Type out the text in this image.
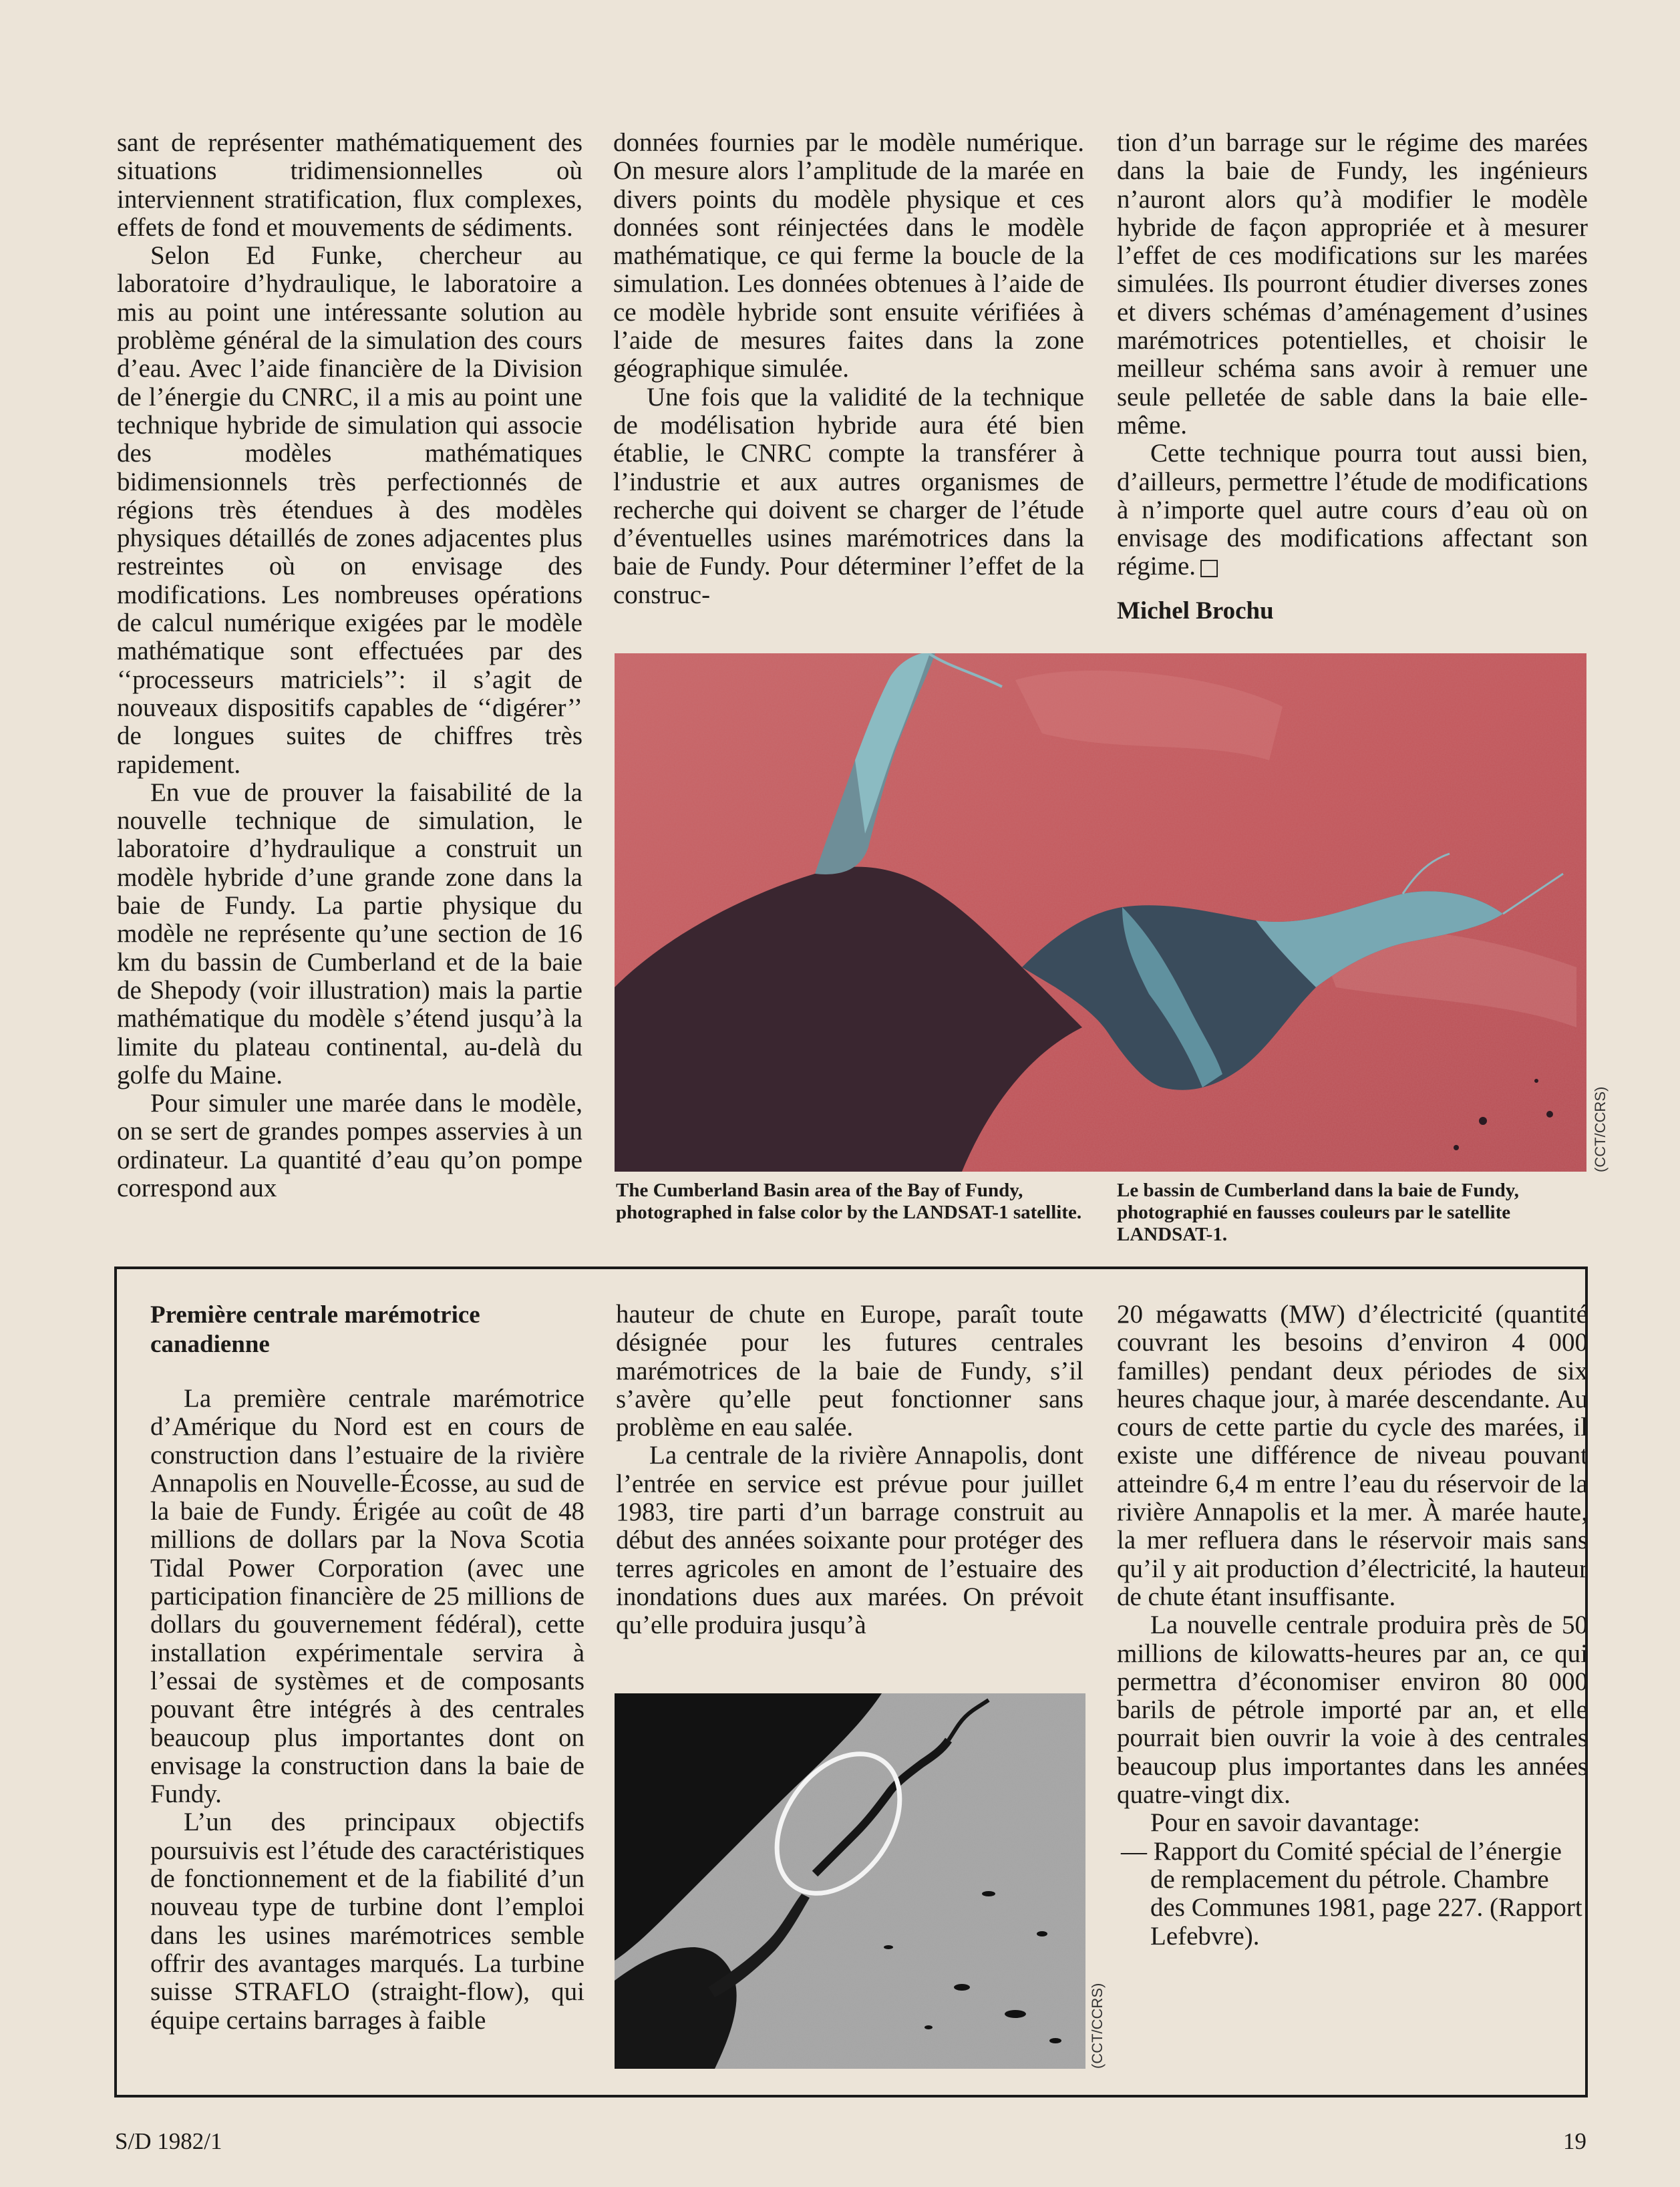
sant de représenter mathématiquement des situations tridimensionnelles où interviennent stratification, flux complexes, effets de fond et mouvements de sédiments.

Selon Ed Funke, chercheur au laboratoire d’hydraulique, le laboratoire a mis au point une intéressante solution au problème général de la simulation des cours d’eau. Avec l’aide financière de la Division de l’énergie du CNRC, il a mis au point une technique hybride de simulation qui associe des modèles mathématiques bidimensionnels très perfectionnés de régions très étendues à des modèles physiques détaillés de zones adjacentes plus restreintes où on envisage des modifications. Les nombreuses opérations de calcul numérique exigées par le modèle mathématique sont effectuées par des ‘‘processeurs matriciels’’: il s’agit de nouveaux dispositifs capables de ‘‘digérer’’ de longues suites de chiffres très rapidement.

En vue de prouver la faisabilité de la nouvelle technique de simulation, le laboratoire d’hydraulique a construit un modèle hybride d’une grande zone dans la baie de Fundy. La partie physique du modèle ne représente qu’une section de 16 km du bassin de Cumberland et de la baie de Shepody (voir illustration) mais la partie mathématique du modèle s’étend jusqu’à la limite du plateau continental, au-delà du golfe du Maine.

Pour simuler une marée dans le modèle, on se sert de grandes pompes asservies à un ordinateur. La quantité d’eau qu’on pompe correspond aux

données fournies par le modèle numérique. On mesure alors l’amplitude de la marée en divers points du modèle physique et ces données sont réinjectées dans le modèle mathématique, ce qui ferme la boucle de la simulation. Les données obtenues à l’aide de ce modèle hybride sont ensuite vérifiées à l’aide de mesures faites dans la zone géographique simulée.

Une fois que la validité de la technique de modélisation hybride aura été bien établie, le CNRC compte la transférer à l’industrie et aux autres organismes de recherche qui doivent se charger de l’étude d’éventuelles usines marémotrices dans la baie de Fundy. Pour déterminer l’effet de la construc-

tion d’un barrage sur le régime des marées dans la baie de Fundy, les ingénieurs n’auront alors qu’à modifier le modèle hybride de façon appropriée et à mesurer l’effet de ces modifications sur les marées simulées. Ils pourront étudier diverses zones et divers schémas d’aménagement d’usines marémotrices potentielles, et choisir le meilleur schéma sans avoir à remuer une seule pelletée de sable dans la baie elle-même.

Cette technique pourra tout aussi bien, d’ailleurs, permettre l’étude de modifications à n’importe quel autre cours d’eau où on envisage des modifications affectant son régime. □

Michel Brochu
(CCT/CCRS)
The Cumberland Basin area of the Bay of Fundy, photographed in false color by the LANDSAT-1 satellite.
Le bassin de Cumberland dans la baie de Fundy, photographié en fausses couleurs par le satellite LANDSAT-1.
Première centrale marémotrice canadienne

La première centrale marémotrice d’Amérique du Nord est en cours de construction dans l’estuaire de la rivière Annapolis en Nouvelle-Écosse, au sud de la baie de Fundy. Érigée au coût de 48 millions de dollars par la Nova Scotia Tidal Power Corporation (avec une participation financière de 25 millions de dollars du gouvernement fédéral), cette installation expérimentale servira à l’essai de systèmes et de composants pouvant être intégrés à des centrales beaucoup plus importantes dont on envisage la construction dans la baie de Fundy.

L’un des principaux objectifs poursuivis est l’étude des caractéristiques de fonctionnement et de la fiabilité d’un nouveau type de turbine dont l’emploi dans les usines marémotrices semble offrir des avantages marqués. La turbine suisse STRAFLO (straight-flow), qui équipe certains barrages à faible

hauteur de chute en Europe, paraît toute désignée pour les futures centrales marémotrices de la baie de Fundy, s’il s’avère qu’elle peut fonctionner sans problème en eau salée.

La centrale de la rivière Annapolis, dont l’entrée en service est prévue pour juillet 1983, tire parti d’un barrage construit au début des années soixante pour protéger des terres agricoles en amont de l’estuaire des inondations dues aux marées. On prévoit qu’elle produira jusqu’à

(CCT/CCRS)

20 mégawatts (MW) d’électricité (quantité couvrant les besoins d’environ 4 000 familles) pendant deux périodes de six heures chaque jour, à marée descendante. Au cours de cette partie du cycle des marées, il existe une différence de niveau pouvant atteindre 6,4 m entre l’eau du réservoir de la rivière Annapolis et la mer. À marée haute, la mer refluera dans le réservoir mais sans qu’il y ait production d’électricité, la hauteur de chute étant insuffisante.

La nouvelle centrale produira près de 50 millions de kilowatts-heures par an, ce qui permettra d’économiser environ 80 000 barils de pétrole importé par an, et elle pourrait bien ouvrir la voie à des centrales beaucoup plus importantes dans les années quatre-vingt dix.

Pour en savoir davantage:

— Rapport du Comité spécial de l’énergie de remplacement du pétrole. Chambre des Communes 1981, page 227. (Rapport Lefebvre).

S/D 1982/1	19
